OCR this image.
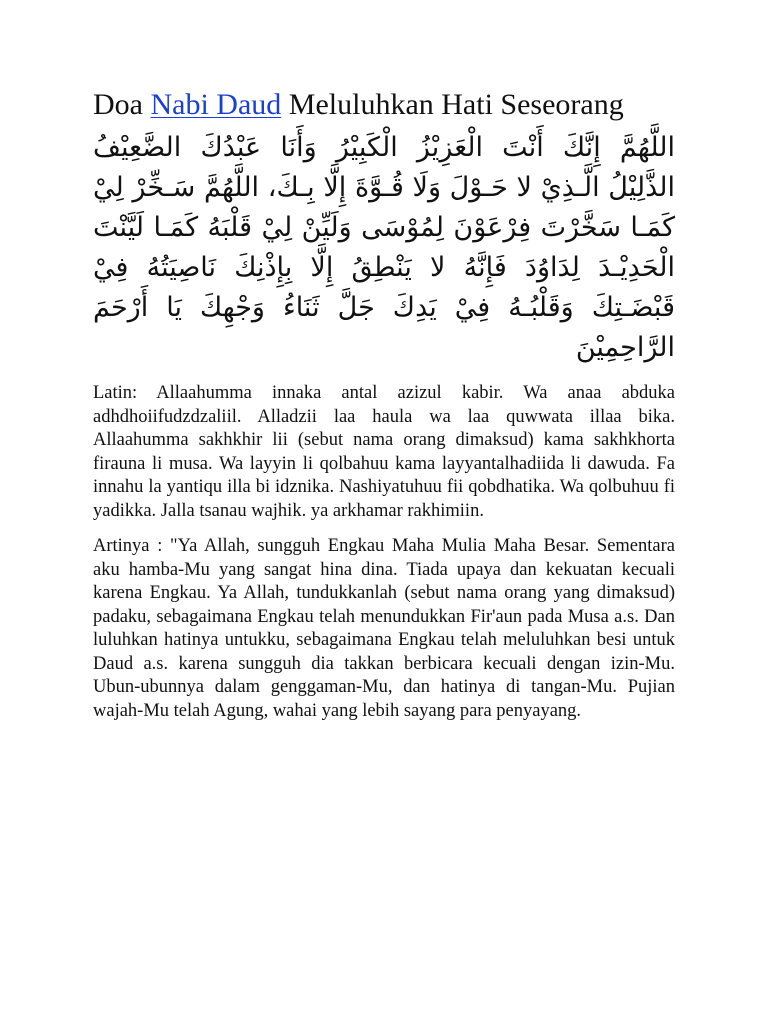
Doa Nabi Daud Meluluhkan Hati Seseorang

اللَّهُمَّ إِنَّكَ أَنْتَ الْعَزِيْزُ الْكَبِيْرُ وَأَنَا عَبْدُكَ الضَّعِيْفُ الذَّلِيْلُ الَّـذِيْ لا حَـوْلَ وَلَا قُـوَّةَ إِلَّا بِـكَ، اللَّهُمَّ سَـخِّرْ لِيْ كَمَـا سَخَّرْتَ فِرْعَوْنَ لِمُوْسَى وَلَيِّنْ لِيْ قَلْبَهُ كَمَـا لَيَّنْتَ الْحَدِيْـدَ لِدَاوُدَ فَإِنَّهُ لا يَنْطِقُ إِلَّا بِإِذْنِكَ نَاصِيَتُهُ فِيْ قَبْضَـتِكَ وَقَلْبُـهُ فِيْ يَدِكَ جَلَّ ثَنَاءُ وَجْهِكَ يَا أَرْحَمَ الرَّاحِمِيْنَ

Latin: Allaahumma innaka antal azizul kabir. Wa anaa abduka adhdhoiifudzdzaliil. Alladzii laa haula wa laa quwwata illaa bika. Allaahumma sakhkhir lii (sebut nama orang dimaksud) kama sakhkhorta firauna li musa. Wa layyin li qolbahuu kama layyantalhadiida li dawuda. Fa innahu la yantiqu illa bi idznika. Nashiyatuhuu fii qobdhatika. Wa qolbuhuu fi yadikka. Jalla tsanau wajhik. ya arkhamar rakhimiin.

Artinya : "Ya Allah, sungguh Engkau Maha Mulia Maha Besar. Sementara aku hamba-Mu yang sangat hina dina. Tiada upaya dan kekuatan kecuali karena Engkau. Ya Allah, tundukkanlah (sebut nama orang yang dimaksud) padaku, sebagaimana Engkau telah menundukkan Fir'aun pada Musa a.s. Dan luluhkan hatinya untukku, sebagaimana Engkau telah meluluhkan besi untuk Daud a.s. karena sungguh dia takkan berbicara kecuali dengan izin-Mu. Ubun-ubunnya dalam genggaman-Mu, dan hatinya di tangan-Mu. Pujian wajah-Mu telah Agung, wahai yang lebih sayang para penyayang.
